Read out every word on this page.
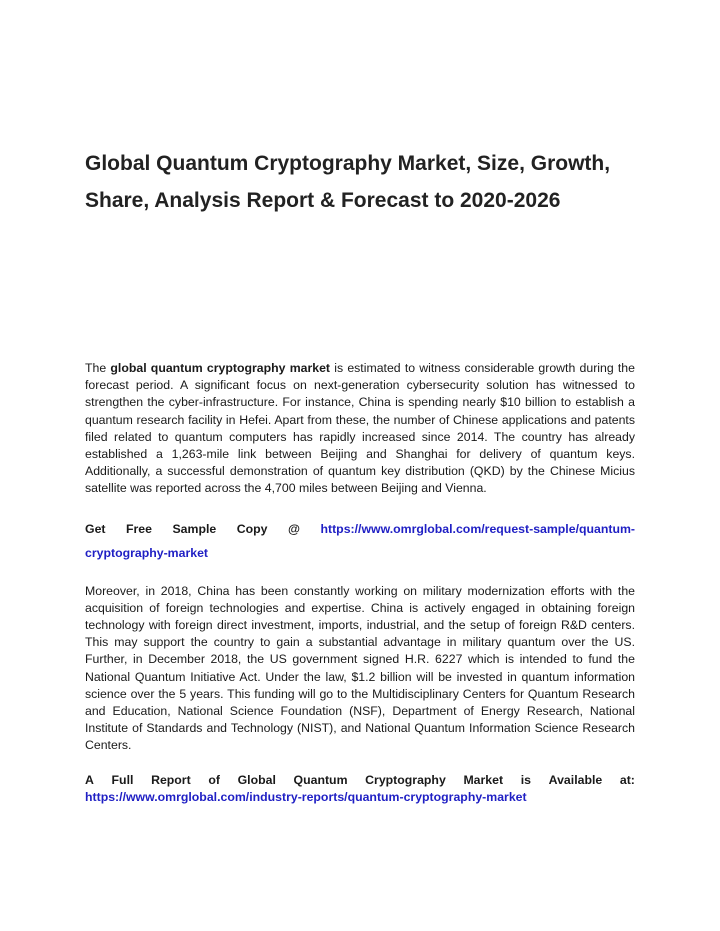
Global Quantum Cryptography Market, Size, Growth,
Share, Analysis Report & Forecast to 2020-2026

The global quantum cryptography market is estimated to witness considerable growth during the forecast period. A significant focus on next-generation cybersecurity solution has witnessed to strengthen the cyber-infrastructure. For instance, China is spending nearly $10 billion to establish a quantum research facility in Hefei. Apart from these, the number of Chinese applications and patents filed related to quantum computers has rapidly increased since 2014. The country has already established a 1,263-mile link between Beijing and Shanghai for delivery of quantum keys. Additionally, a successful demonstration of quantum key distribution (QKD) by the Chinese Micius satellite was reported across the 4,700 miles between Beijing and Vienna.

Get Free Sample Copy @ https://www.omrglobal.com/request-sample/quantum-
cryptography-market

Moreover, in 2018, China has been constantly working on military modernization efforts with the acquisition of foreign technologies and expertise. China is actively engaged in obtaining foreign technology with foreign direct investment, imports, industrial, and the setup of foreign R&D centers. This may support the country to gain a substantial advantage in military quantum over the US. Further, in December 2018, the US government signed H.R. 6227 which is intended to fund the National Quantum Initiative Act. Under the law, $1.2 billion will be invested in quantum information science over the 5 years. This funding will go to the Multidisciplinary Centers for Quantum Research and Education, National Science Foundation (NSF), Department of Energy Research, National Institute of Standards and Technology (NIST), and National Quantum Information Science Research Centers.

A Full Report of Global Quantum Cryptography Market is Available at:
https://www.omrglobal.com/industry-reports/quantum-cryptography-market
